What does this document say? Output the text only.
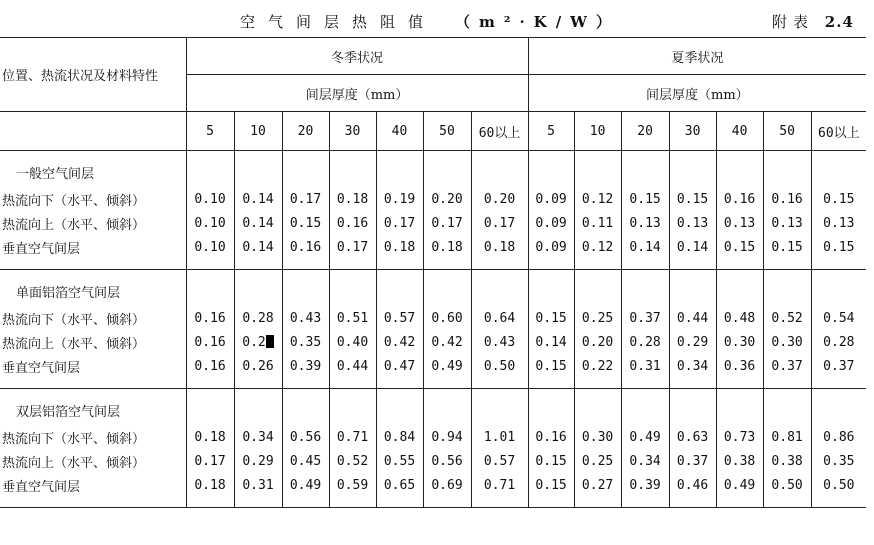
空气间层热阻值 （m²·K/W）	附表 2.4
位置、热流状况及材料特性	冬季状况							夏季状况						
	间层厚度（mm）							间层厚度（mm）						
	5	10	20	30	40	50	60以上	5	10	20	30	40	50	60以上
一般空气间层														
热流向下（水平、倾斜）	0.10	0.14	0.17	0.18	0.19	0.20	0.20	0.09	0.12	0.15	0.15	0.16	0.16	0.15
热流向上（水平、倾斜）	0.10	0.14	0.15	0.16	0.17	0.17	0.17	0.09	0.11	0.13	0.13	0.13	0.13	0.13
垂直空气间层	0.10	0.14	0.16	0.17	0.18	0.18	0.18	0.09	0.12	0.14	0.14	0.15	0.15	0.15
单面铝箔空气间层														
热流向下（水平、倾斜）	0.16	0.28	0.43	0.51	0.57	0.60	0.64	0.15	0.25	0.37	0.44	0.48	0.52	0.54
热流向上（水平、倾斜）	0.16	0.2	0.35	0.40	0.42	0.42	0.43	0.14	0.20	0.28	0.29	0.30	0.30	0.28
垂直空气间层	0.16	0.26	0.39	0.44	0.47	0.49	0.50	0.15	0.22	0.31	0.34	0.36	0.37	0.37
双层铝箔空气间层														
热流向下（水平、倾斜）	0.18	0.34	0.56	0.71	0.84	0.94	1.01	0.16	0.30	0.49	0.63	0.73	0.81	0.86
热流向上（水平、倾斜）	0.17	0.29	0.45	0.52	0.55	0.56	0.57	0.15	0.25	0.34	0.37	0.38	0.38	0.35
垂直空气间层	0.18	0.31	0.49	0.59	0.65	0.69	0.71	0.15	0.27	0.39	0.46	0.49	0.50	0.50
